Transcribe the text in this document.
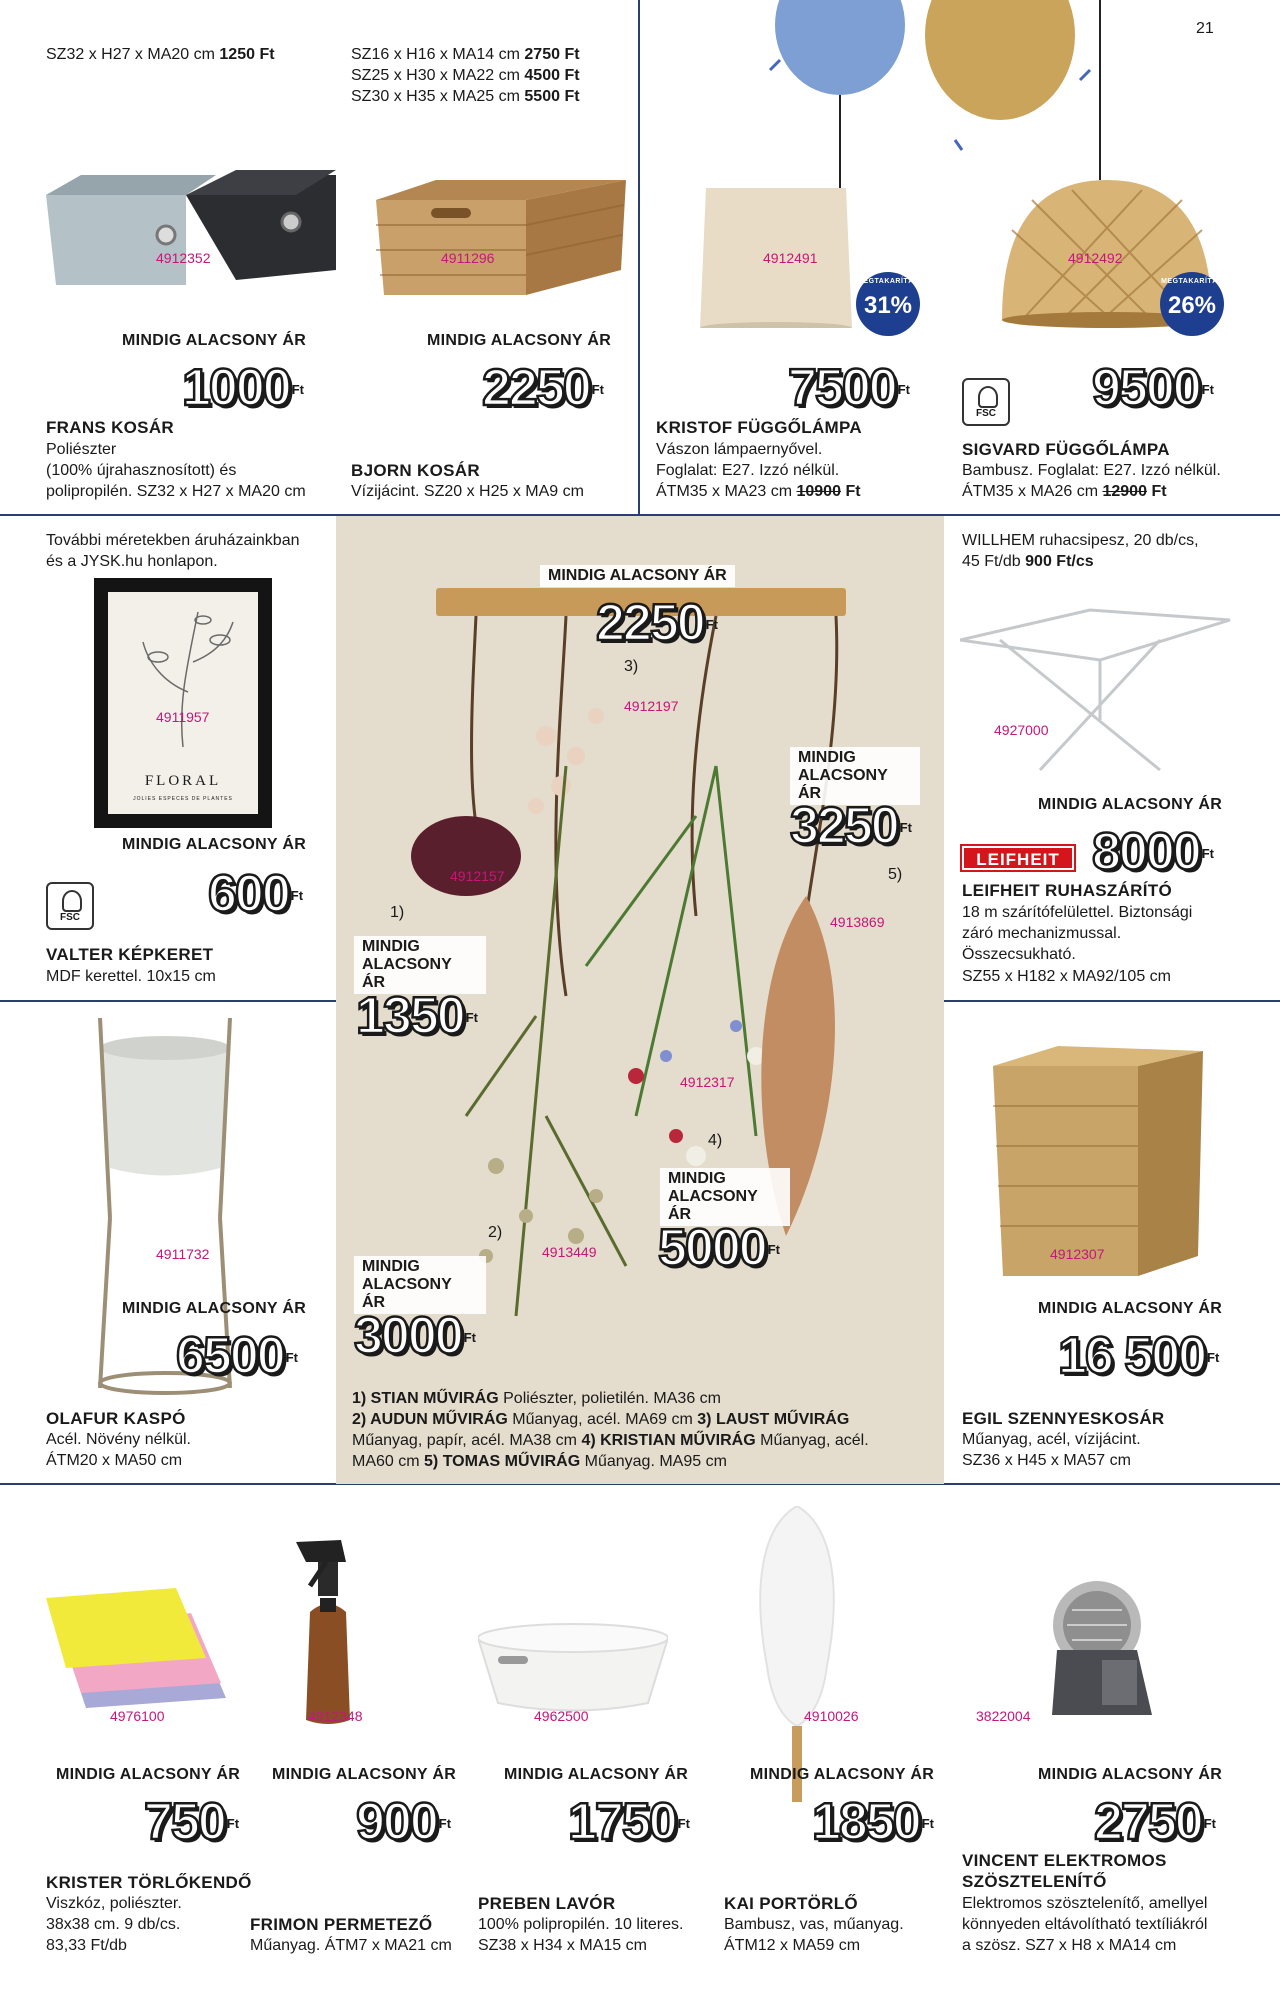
21
SZ32 x H27 x MA20 cm 1250 Ft
4912352
MINDIG ALACSONY ÁR
1000 $^{Ft}$
FRANS KOSÁR
Poliészter
(100% újrahasznosított) és
polipropilén. SZ32 x H27 x MA20 cm
SZ16 x H16 x MA14 cm 2750 Ft
SZ25 x H30 x MA22 cm 4500 Ft
SZ30 x H35 x MA25 cm 5500 Ft
4911296
MINDIG ALACSONY ÁR
2250 $^{Ft}$
BJORN KOSÁR
Vízijácint. SZ20 x H25 x MA9 cm
4912491
MEGTAKARÍTÁS
31%
7500 $^{Ft}$
KRISTOF FÜGGŐLÁMPA
Vászon lámpaernyővel.
Foglalat: E27. Izzó nélkül.
ÁTM35 x MA23 cm 10900 Ft
4912492
MEGTAKARÍTÁS
26%
FSC 9500 $^{Ft}$
SIGVARD FÜGGŐLÁMPA
Bambusz. Foglalat: E27. Izzó nélkül.
ÁTM35 x MA26 cm 12900 Ft
További méretekben áruházainkban
és a JYSK.hu honlapon.
FLORAL
JOLIES ESPECES DE PLANTES
4911957
MINDIG ALACSONY ÁR
FSC 600 $^{Ft}$
VALTER KÉPKERET
MDF kerettel. 10x15 cm
MINDIG ALACSONY ÁR
2250 $^{Ft}$
3)
4912197
MINDIG
ALACSONY ÁR
3250 $^{Ft}$
5)
4912157
4913869
1)
MINDIG
ALACSONY ÁR
1350 $^{Ft}$
4912317
4)
MINDIG
ALACSONY ÁR
5000 $^{Ft}$
2)
4913449
MINDIG
ALACSONY ÁR
3000 $^{Ft}$
1) STIAN MŰVIRÁG Poliészter, polietilén. MA36 cm
2) AUDUN MŰVIRÁG Műanyag, acél. MA69 cm 3) LAUST MŰVIRÁG
Műanyag, papír, acél. MA38 cm 4) KRISTIAN MŰVIRÁG Műanyag, acél.
MA60 cm 5) TOMAS MŰVIRÁG Műanyag. MA95 cm
WILLHEM ruhacsipesz, 20 db/cs,
45 Ft/db 900 Ft/cs
4927000
MINDIG ALACSONY ÁR
LEIFHEIT 8000 $^{Ft}$
LEIFHEIT RUHASZÁRÍTÓ
18 m szárítófelülettel. Biztonsági
záró mechanizmussal.
Összecsukható.
SZ55 x H182 x MA92/105 cm
4911732
MINDIG ALACSONY ÁR
6500 $^{Ft}$
OLAFUR KASPÓ
Acél. Növény nélkül.
ÁTM20 x MA50 cm
4912307
MINDIG ALACSONY ÁR
16 500 $^{Ft}$
EGIL SZENNYESKOSÁR
Műanyag, acél, vízijácint.
SZ36 x H45 x MA57 cm
4976100
MINDIG ALACSONY ÁR
750 $^{Ft}$
KRISTER TÖRLŐKENDŐ
Viszkóz, poliészter.
38x38 cm. 9 db/cs.
83,33 Ft/db
4912348
MINDIG ALACSONY ÁR
900 $^{Ft}$
FRIMON PERMETEZŐ
Műanyag. ÁTM7 x MA21 cm
4962500
MINDIG ALACSONY ÁR
1750 $^{Ft}$
PREBEN LAVÓR
100% polipropilén. 10 literes.
SZ38 x H34 x MA15 cm
4910026
MINDIG ALACSONY ÁR
1850 $^{Ft}$
KAI PORTÖRLŐ
Bambusz, vas, műanyag.
ÁTM12 x MA59 cm
3822004
MINDIG ALACSONY ÁR
2750 $^{Ft}$
VINCENT ELEKTROMOS
SZÖSZTELENÍTŐ
Elektromos szösztelenítő, amellyel
könnyeden eltávolítható textíliákról
a szösz. SZ7 x H8 x MA14 cm
